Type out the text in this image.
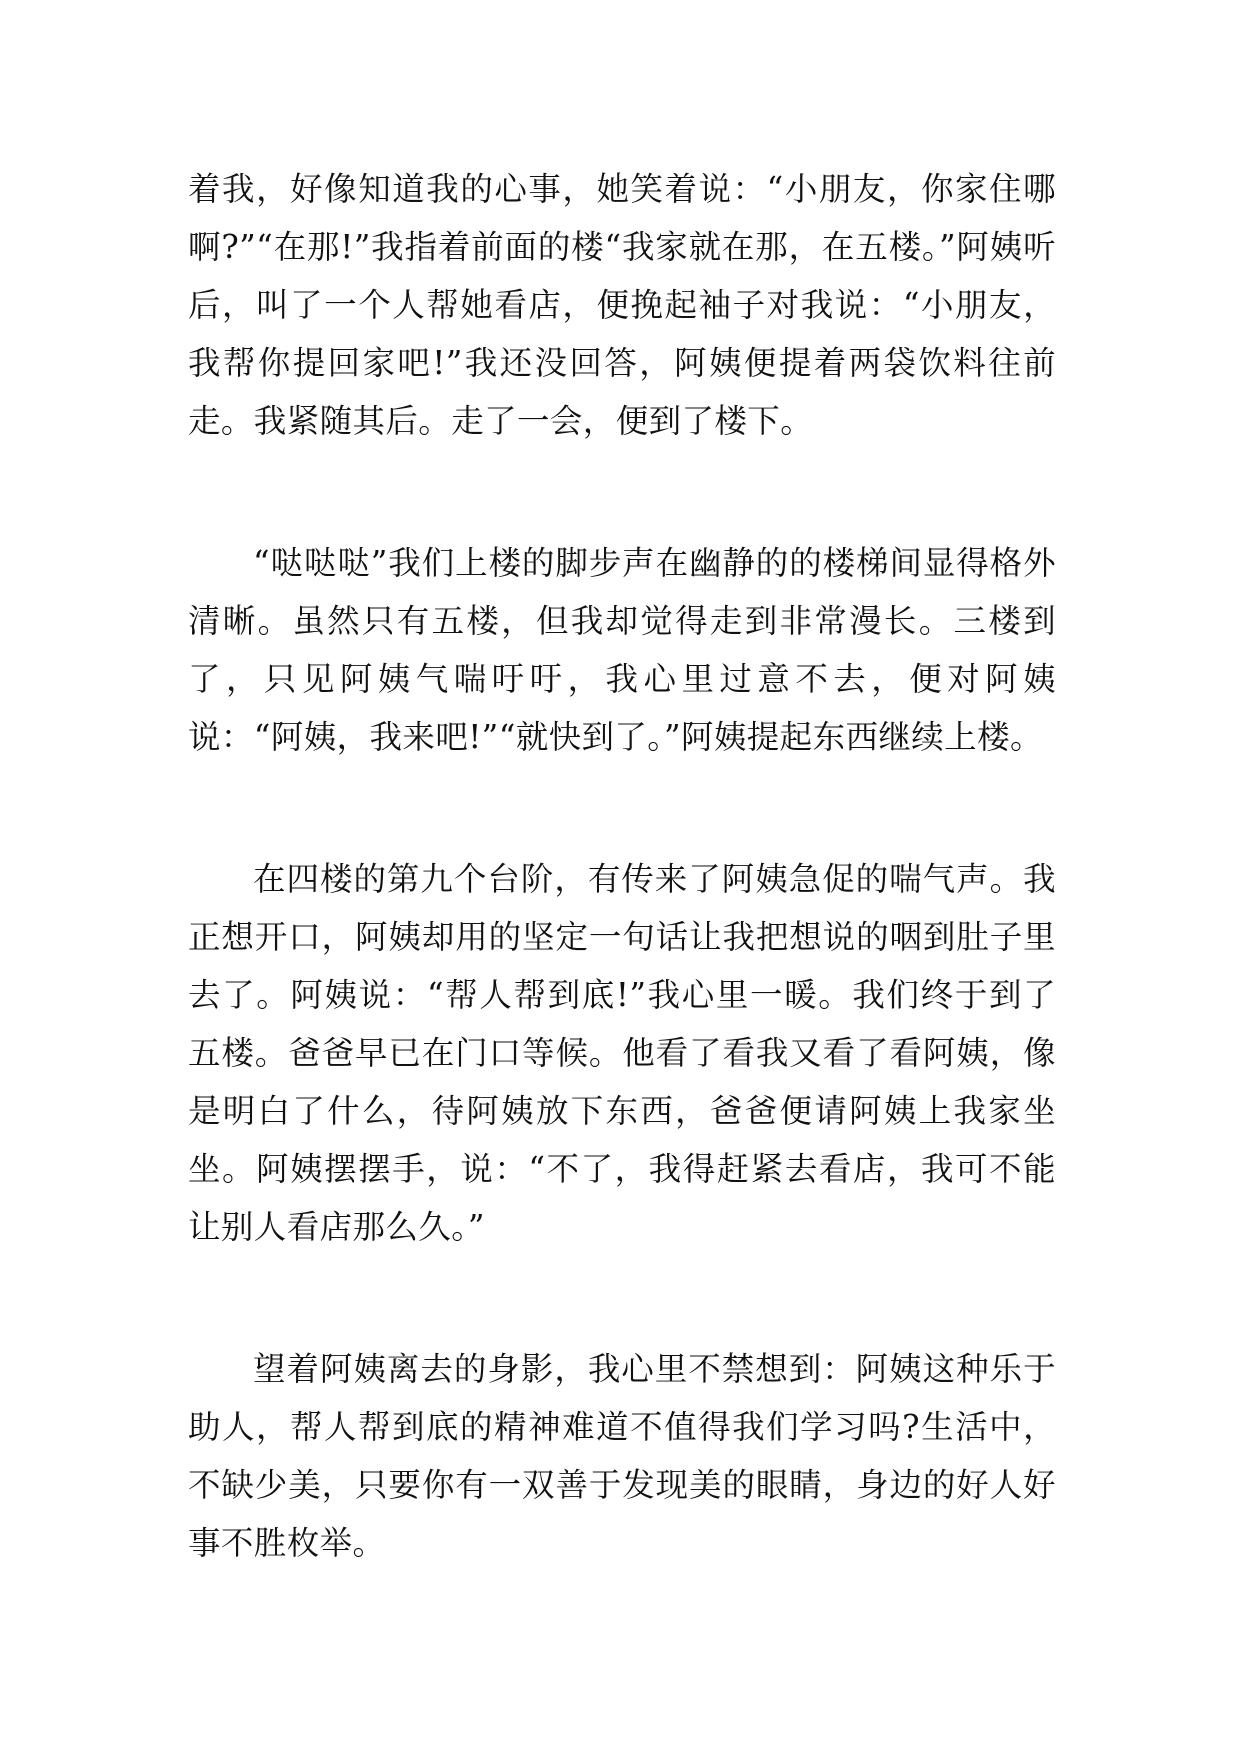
着我，好像知道我的心事，她笑着说：“小朋友，你家住哪啊?”“在那!”我指着前面的楼“我家就在那，在五楼。”阿姨听后，叫了一个人帮她看店，便挽起袖子对我说：“小朋友，我帮你提回家吧!”我还没回答，阿姨便提着两袋饮料往前走。我紧随其后。走了一会，便到了楼下。

“哒哒哒”我们上楼的脚步声在幽静的的楼梯间显得格外清晰。虽然只有五楼，但我却觉得走到非常漫长。三楼到了，只见阿姨气喘吁吁，我心里过意不去，便对阿姨说：“阿姨，我来吧!”“就快到了。”阿姨提起东西继续上楼。

在四楼的第九个台阶，有传来了阿姨急促的喘气声。我正想开口，阿姨却用的坚定一句话让我把想说的咽到肚子里去了。阿姨说：“帮人帮到底!”我心里一暖。我们终于到了五楼。爸爸早已在门口等候。他看了看我又看了看阿姨，像是明白了什么，待阿姨放下东西，爸爸便请阿姨上我家坐坐。阿姨摆摆手，说：“不了，我得赶紧去看店，我可不能让别人看店那么久。”

望着阿姨离去的身影，我心里不禁想到：阿姨这种乐于助人，帮人帮到底的精神难道不值得我们学习吗?生活中，不缺少美，只要你有一双善于发现美的眼睛，身边的好人好事不胜枚举。
